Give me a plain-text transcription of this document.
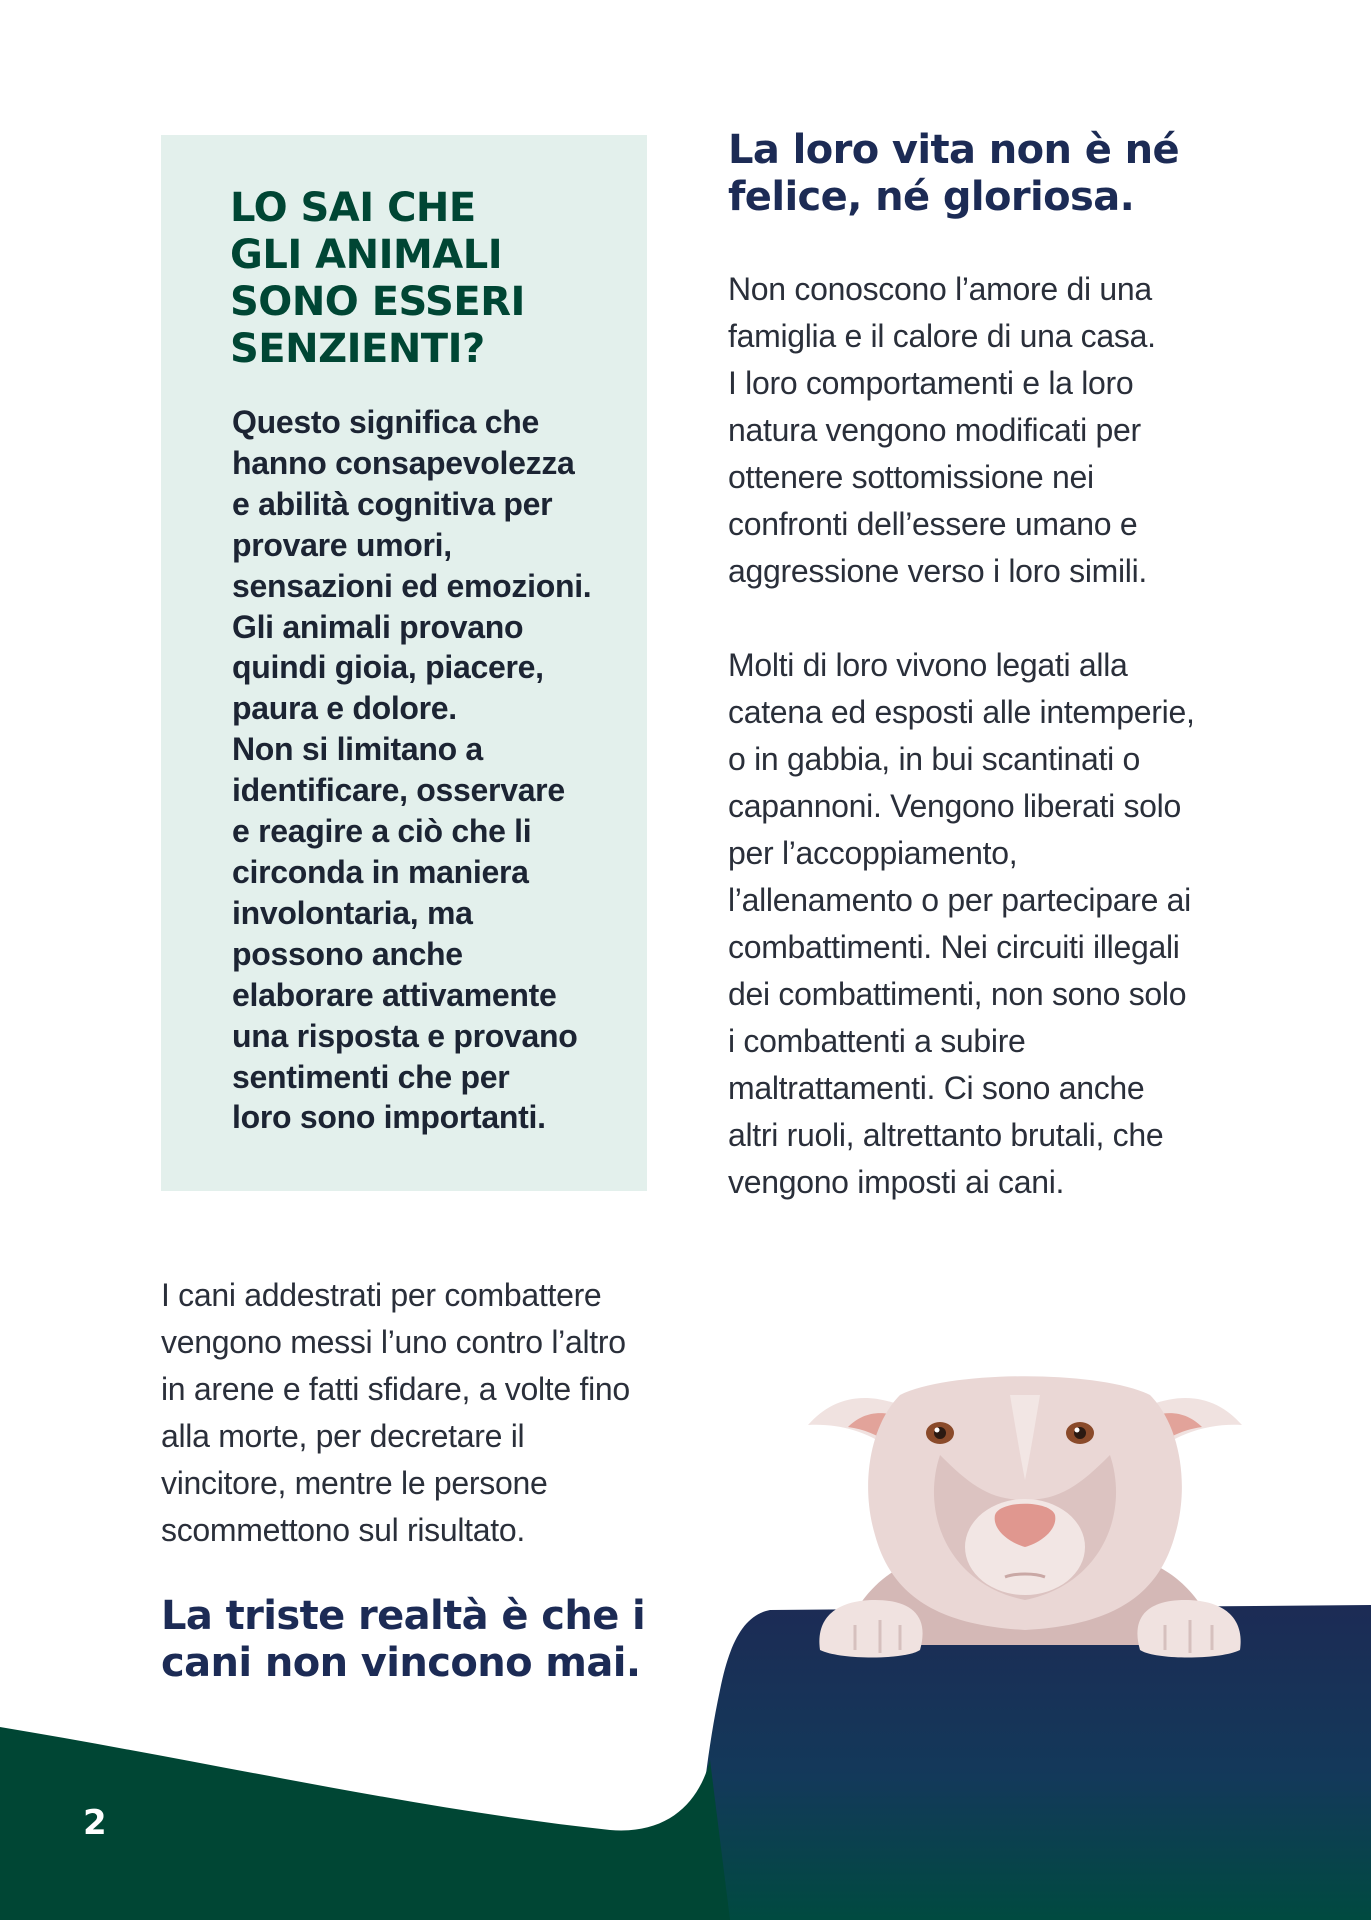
LO SAI CHE
GLI ANIMALI
SONO ESSERI
SENZIENTI?

Questo significa che
hanno consapevolezza
e abilità cognitiva per
provare umori,
sensazioni ed emozioni.
Gli animali provano
quindi gioia, piacere,
paura e dolore.
Non si limitano a
identificare, osservare
e reagire a ciò che li
circonda in maniera
involontaria, ma
possono anche
elaborare attivamente
una risposta e provano
sentimenti che per
loro sono importanti.

La loro vita non è né
felice, né gloriosa.

Non conoscono l’amore di una
famiglia e il calore di una casa.
I loro comportamenti e la loro
natura vengono modificati per
ottenere sottomissione nei
confronti dell’essere umano e
aggressione verso i loro simili.

Molti di loro vivono legati alla
catena ed esposti alle intemperie,
o in gabbia, in bui scantinati o
capannoni. Vengono liberati solo
per l’accoppiamento,
l’allenamento o per partecipare ai
combattimenti. Nei circuiti illegali
dei combattimenti, non sono solo
i combattenti a subire
maltrattamenti. Ci sono anche
altri ruoli, altrettanto brutali, che
vengono imposti ai cani.

I cani addestrati per combattere
vengono messi l’uno contro l’altro
in arene e fatti sfidare, a volte fino
alla morte, per decretare il
vincitore, mentre le persone
scommettono sul risultato.

La triste realtà è che i
cani non vincono mai.

2
